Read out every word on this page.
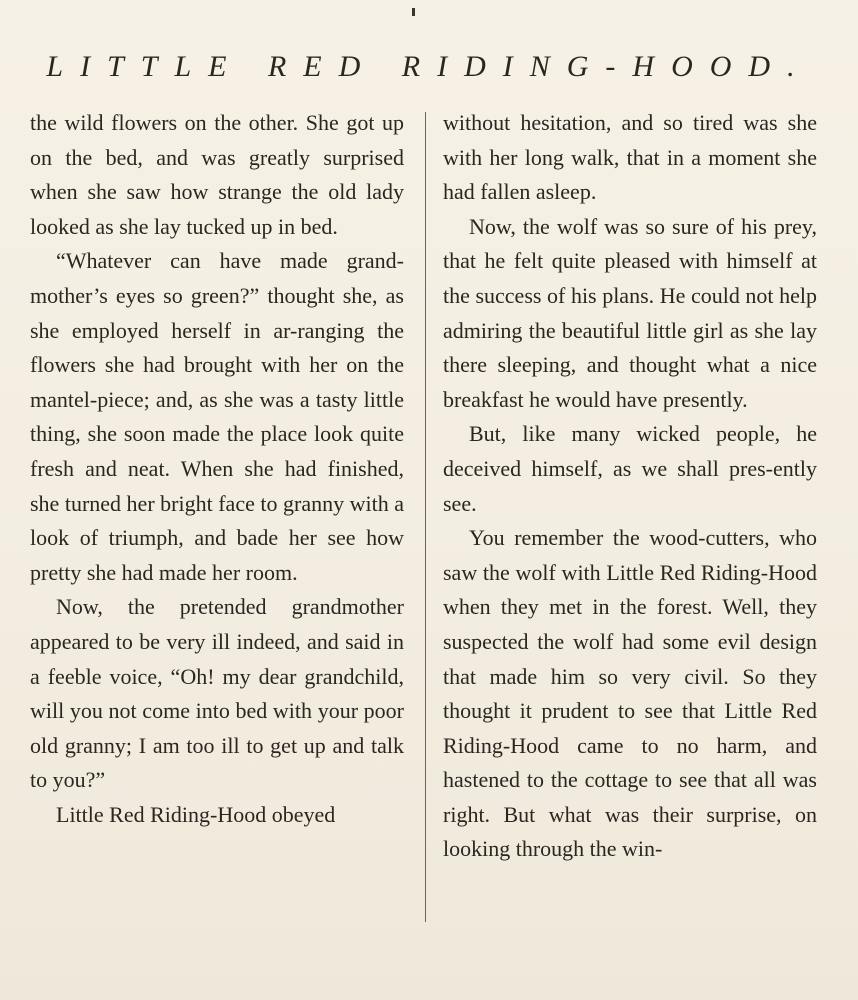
LITTLE RED RIDING-HOOD.

the wild flowers on the other. She got up on the bed, and was greatly surprised when she saw how strange the old lady looked as she lay tucked up in bed.

“Whatever can have made grand-mother’s eyes so green?” thought she, as she employed herself in ar-ranging the flowers she had brought with her on the mantel-piece; and, as she was a tasty little thing, she soon made the place look quite fresh and neat. When she had finished, she turned her bright face to granny with a look of triumph, and bade her see how pretty she had made her room.

Now, the pretended grandmother appeared to be very ill indeed, and said in a feeble voice, “Oh! my dear grandchild, will you not come into bed with your poor old granny; I am too ill to get up and talk to you?”

Little Red Riding-Hood obeyed

without hesitation, and so tired was she with her long walk, that in a moment she had fallen asleep.

Now, the wolf was so sure of his prey, that he felt quite pleased with himself at the success of his plans. He could not help admiring the beautiful little girl as she lay there sleeping, and thought what a nice breakfast he would have presently.

But, like many wicked people, he deceived himself, as we shall pres-ently see.

You remember the wood-cutters, who saw the wolf with Little Red Riding-Hood when they met in the forest. Well, they suspected the wolf had some evil design that made him so very civil. So they thought it prudent to see that Little Red Riding-Hood came to no harm, and hastened to the cottage to see that all was right. But what was their surprise, on looking through the win-
